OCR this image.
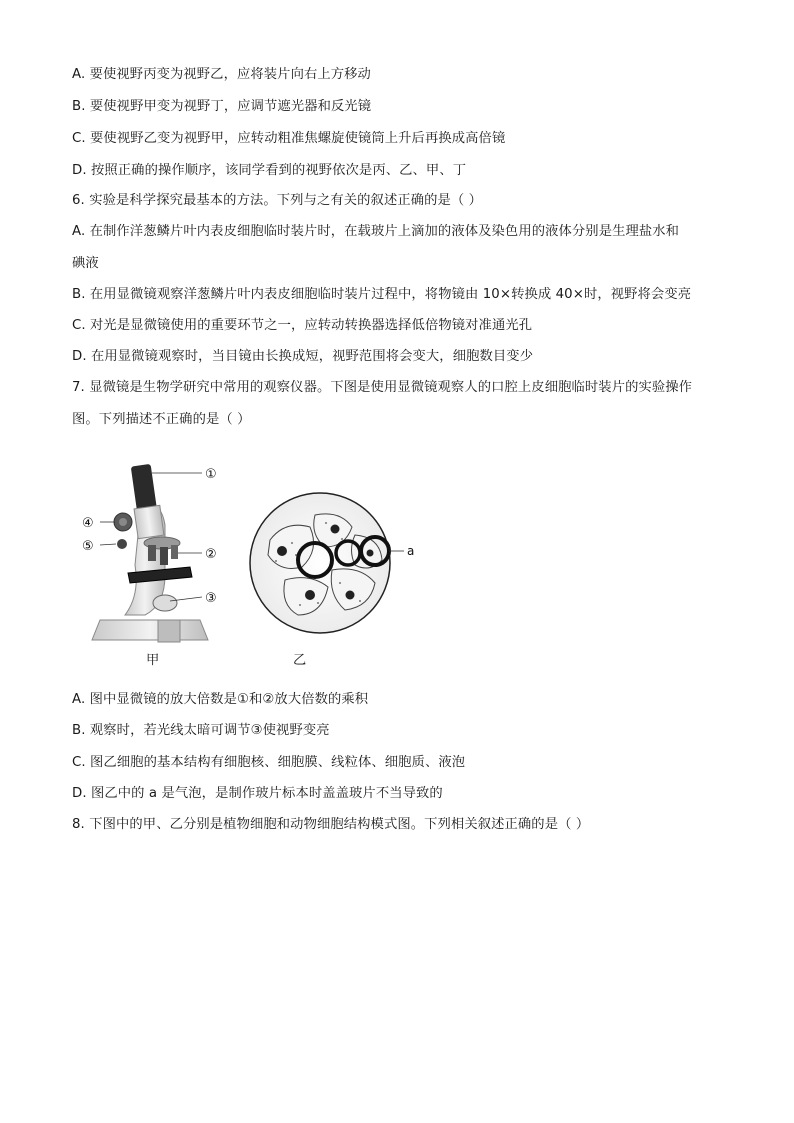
A. 要使视野丙变为视野乙，应将装片向右上方移动
B. 要使视野甲变为视野丁，应调节遮光器和反光镜
C. 要使视野乙变为视野甲，应转动粗准焦螺旋使镜筒上升后再换成高倍镜
D. 按照正确的操作顺序，该同学看到的视野依次是丙、乙、甲、丁
6. 实验是科学探究最基本的方法。下列与之有关的叙述正确的是（ ）
A. 在制作洋葱鳞片叶内表皮细胞临时装片时，在载玻片上滴加的液体及染色用的液体分别是生理盐水和
碘液
B. 在用显微镜观察洋葱鳞片叶内表皮细胞临时装片过程中，将物镜由 10×转换成 40×时，视野将会变亮
C. 对光是显微镜使用的重要环节之一，应转动转换器选择低倍物镜对准通光孔
D. 在用显微镜观察时，当目镜由长换成短，视野范围将会变大，细胞数目变少
7. 显微镜是生物学研究中常用的观察仪器。下图是使用显微镜观察人的口腔上皮细胞临时装片的实验操作
图。下列描述不正确的是（ ）
①
②
③
④
⑤	a
甲	乙
A. 图中显微镜的放大倍数是①和②放大倍数的乘积
B. 观察时，若光线太暗可调节③使视野变亮
C. 图乙细胞的基本结构有细胞核、细胞膜、线粒体、细胞质、液泡
D. 图乙中的 a 是气泡，是制作玻片标本时盖盖玻片不当导致的
8. 下图中的甲、乙分别是植物细胞和动物细胞结构模式图。下列相关叙述正确的是（ ）
